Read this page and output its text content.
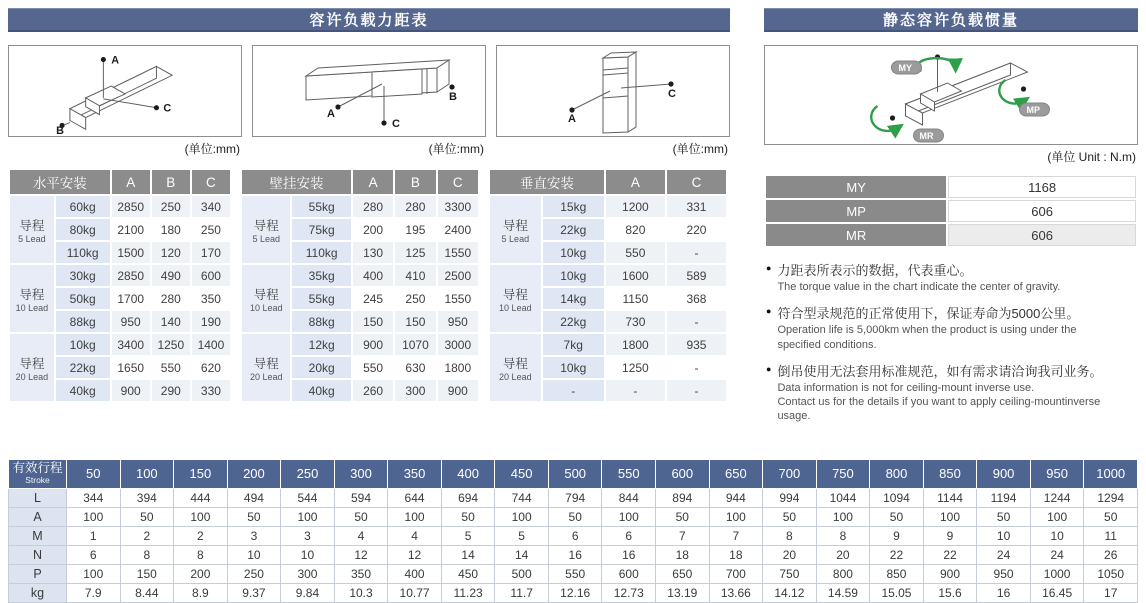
容许负载力距表
A
C
B
(单位:mm)
C
A
B
(单位:mm)
A
C
(单位:mm)
水平安装		A	B	C

导程
5 Lead	60kg	2850	250	340
	80kg	2100	180	250
	110kg	1500	120	170

导程
10 Lead	30kg	2850	490	600
	50kg	1700	280	350
	88kg	950	140	190

导程
20 Lead	10kg	3400	1250	1400
	22kg	1650	550	620
	40kg	900	290	330
壁挂安装		A	B	C

导程
5 Lead	55kg	280	280	3300
	75kg	200	195	2400
	110kg	130	125	1550

导程
10 Lead	35kg	400	410	2500
	55kg	245	250	1550
	88kg	150	150	950

导程
20 Lead	12kg	900	1070	3000
	20kg	550	630	1800
	40kg	260	300	900
垂直安装		A	C

导程
5 Lead	15kg	1200	331
	22kg	820	220
	10kg	550	-

导程
10 Lead	10kg	1600	589
	14kg	1150	368
	22kg	730	-

导程
20 Lead	7kg	1800	935
	10kg	1250	-
	-	-	-
静态容许负载惯量
MY
MP
MR
(单位 Unit : N.m)
MY	1168
MP	606
MR	606
● 力距表所表示的数据，代表重心。
The torque value in the chart indicate the center of gravity.
● 符合型录规范的正常使用下，保证寿命为5000公里。
Operation life is 5,000km when the product is using under the
specified conditions.
● 倒吊使用无法套用标准规范，如有需求请洽询我司业务。
Data information is not for ceiling-mount inverse use.
Contact us for the details if you want to apply ceiling-mountinverse
usage.
有效行程
Stroke	50	100	150	200	250	300	350	400	450	500	550	600	650	700	750	800	850	900	950	1000
L	344	394	444	494	544	594	644	694	744	794	844	894	944	994	1044	1094	1144	1194	1244	1294
A	100	50	100	50	100	50	100	50	100	50	100	50	100	50	100	50	100	50	100	50
M	1	2	2	3	3	4	4	5	5	6	6	7	7	8	8	9	9	10	10	11
N	6	8	8	10	10	12	12	14	14	16	16	18	18	20	20	22	22	24	24	26
P	100	150	200	250	300	350	400	450	500	550	600	650	700	750	800	850	900	950	1000	1050
kg	7.9	8.44	8.9	9.37	9.84	10.3	10.77	11.23	11.7	12.16	12.73	13.19	13.66	14.12	14.59	15.05	15.6	16	16.45	17
